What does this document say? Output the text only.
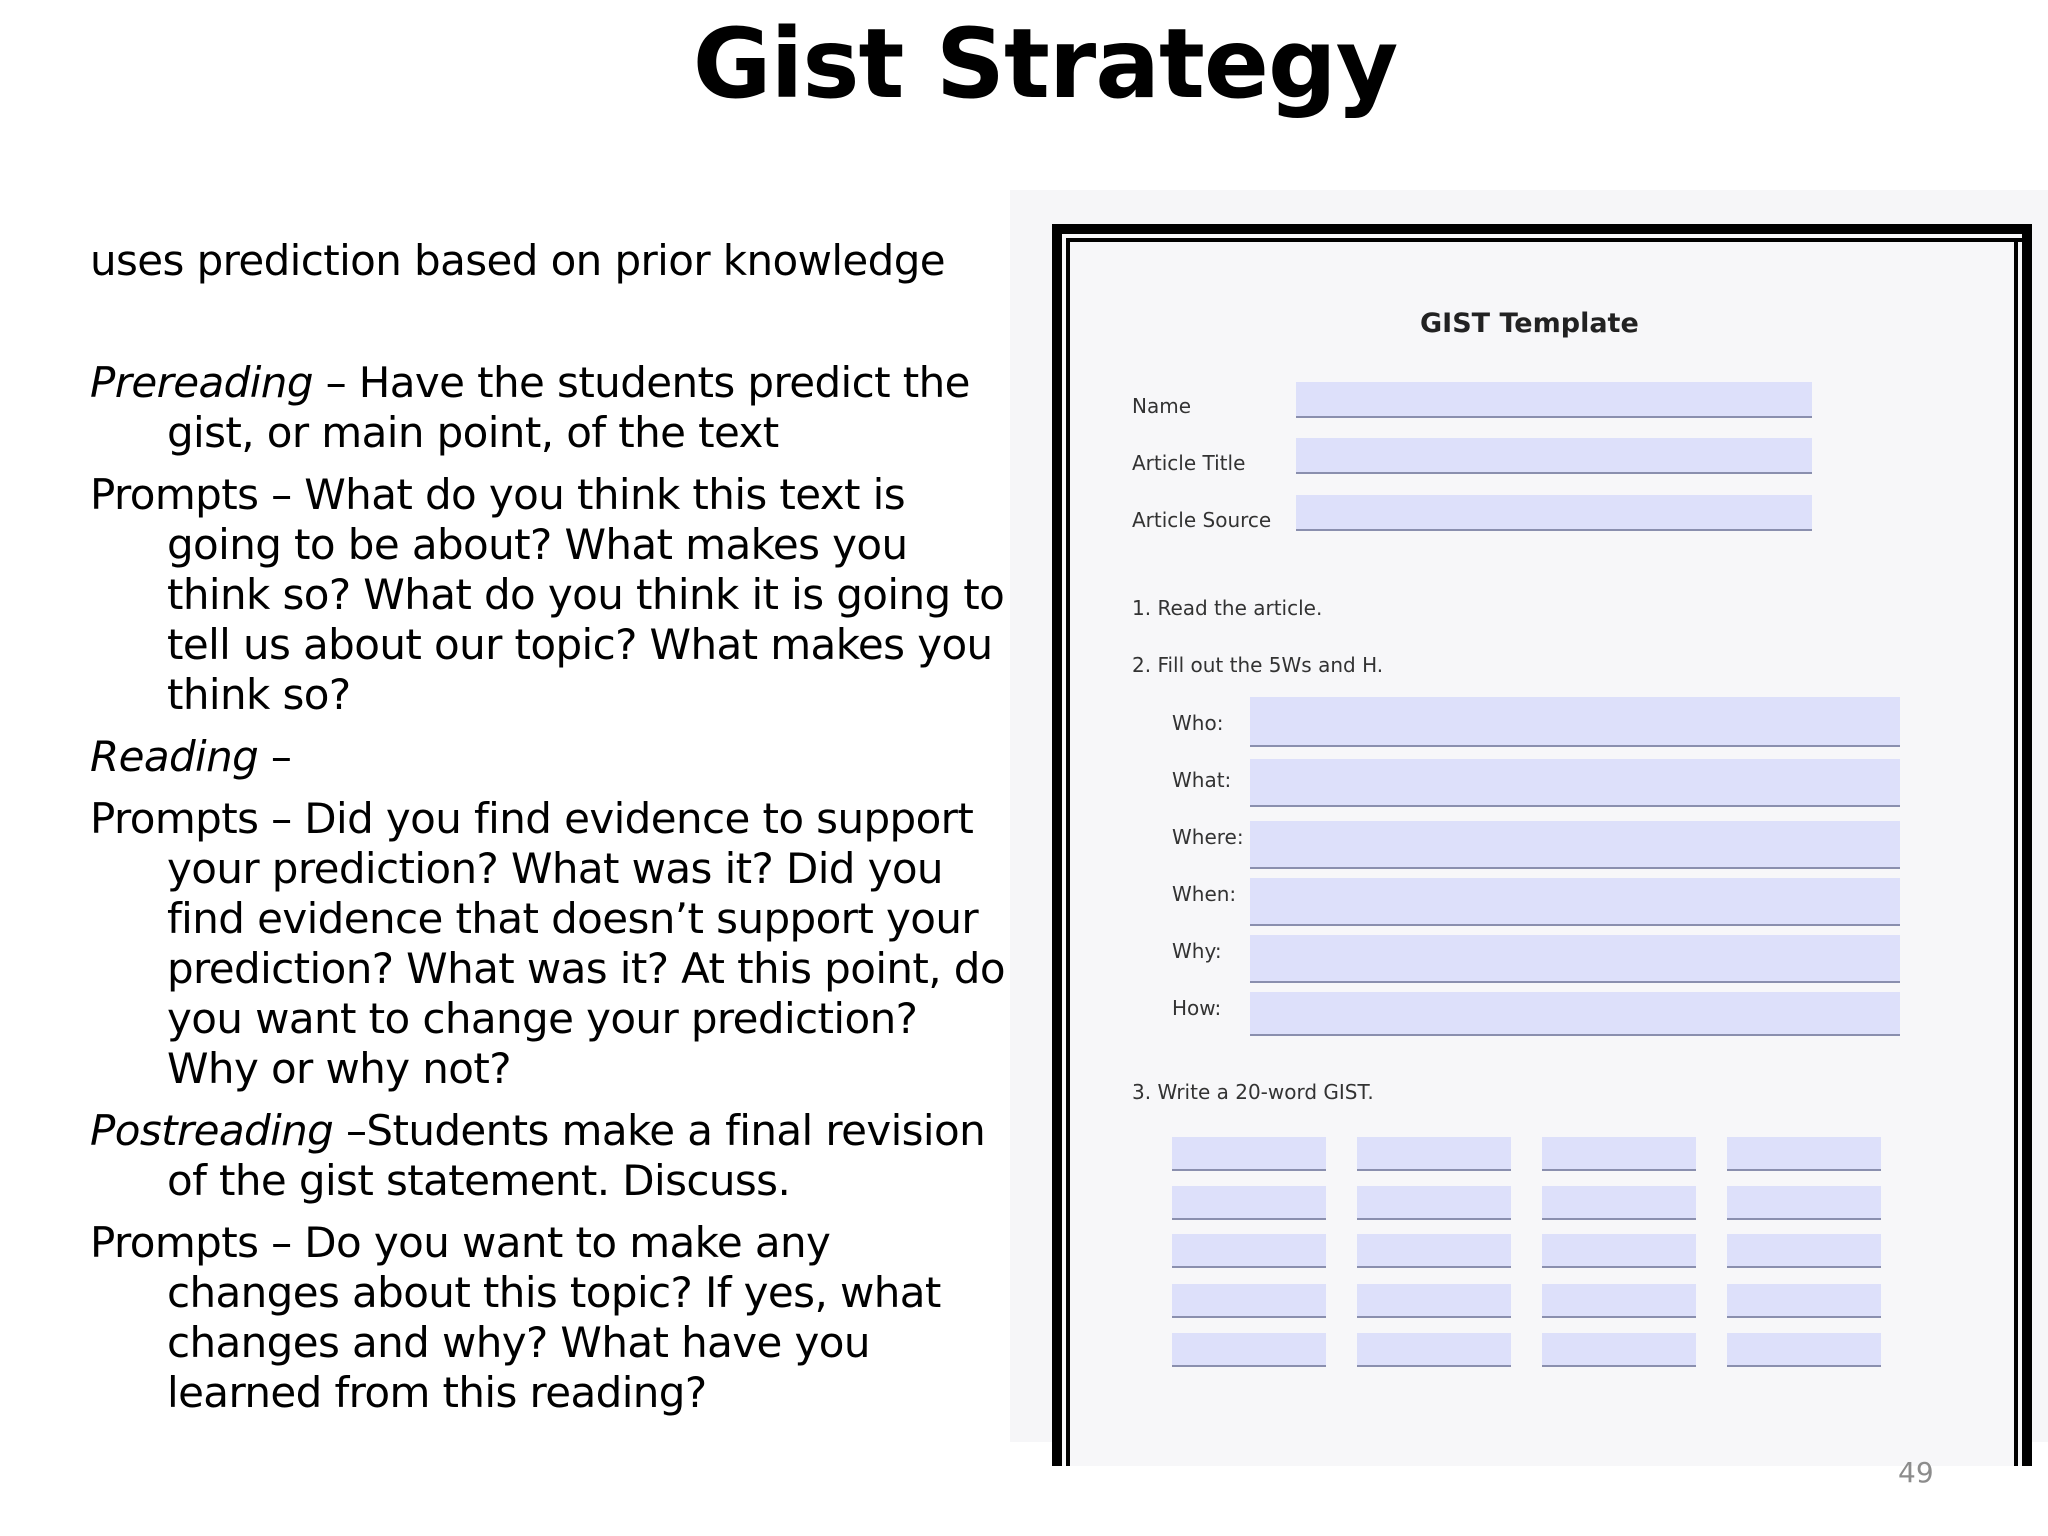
Gist Strategy

uses prediction based on prior knowledge

Prereading – Have the students predict the gist, or main point, of the text

Prompts – What do you think this text is going to be about? What makes you think so? What do you think it is going to tell us about our topic? What makes you think so?

Reading –

Prompts – Did you find evidence to support your prediction? What was it? Did you find evidence that doesn’t support your prediction? What was it? At this point, do you want to change your prediction? Why or why not?

Postreading –Students make a final revision of the gist statement. Discuss.

Prompts – Do you want to make any changes about this topic? If yes, what changes and why? What have you learned from this reading?

GIST Template
Name
Article Title
Article Source
1. Read the article.
2. Fill out the 5Ws and H.
Who:
What:
Where:
When:
Why:
How:
3. Write a 20-word GIST.
49
